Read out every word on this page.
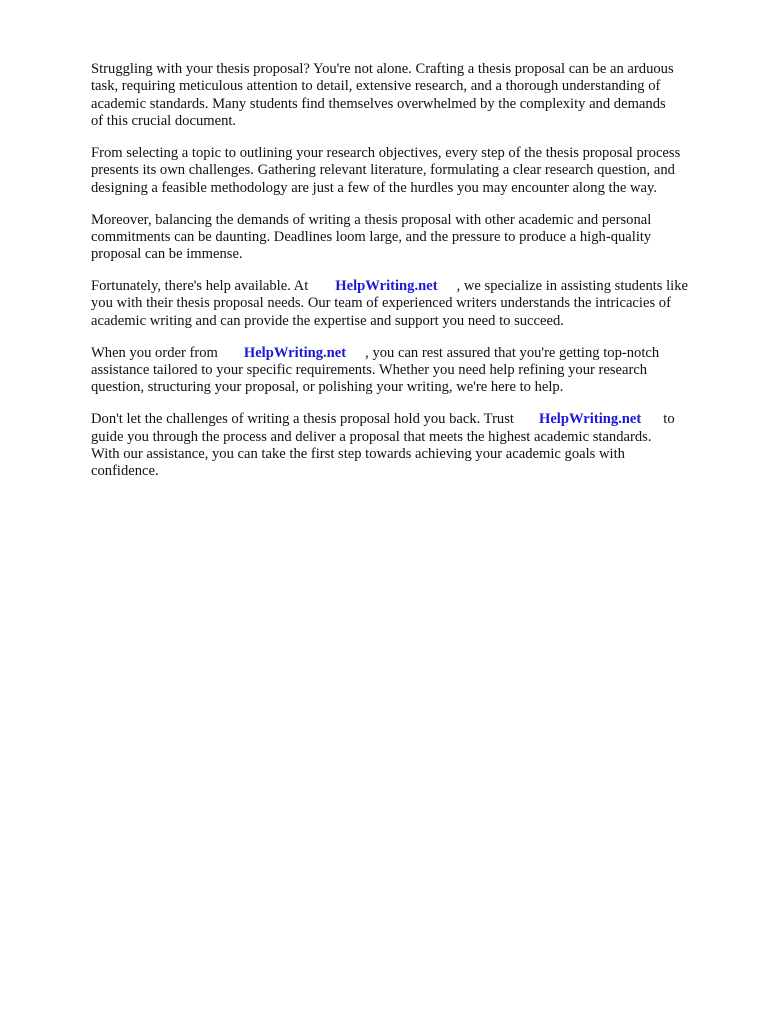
Struggling with your thesis proposal? You're not alone. Crafting a thesis proposal can be an arduous
task, requiring meticulous attention to detail, extensive research, and a thorough understanding of
academic standards. Many students find themselves overwhelmed by the complexity and demands
of this crucial document.

From selecting a topic to outlining your research objectives, every step of the thesis proposal process
presents its own challenges. Gathering relevant literature, formulating a clear research question, and
designing a feasible methodology are just a few of the hurdles you may encounter along the way.

Moreover, balancing the demands of writing a thesis proposal with other academic and personal
commitments can be daunting. Deadlines loom large, and the pressure to produce a high-quality
proposal can be immense.

Fortunately, there's help available. At HelpWriting.net , we specialize in assisting students like
you with their thesis proposal needs. Our team of experienced writers understands the intricacies of
academic writing and can provide the expertise and support you need to succeed.

When you order from HelpWriting.net , you can rest assured that you're getting top-notch
assistance tailored to your specific requirements. Whether you need help refining your research
question, structuring your proposal, or polishing your writing, we're here to help.

Don't let the challenges of writing a thesis proposal hold you back. Trust HelpWriting.net to
guide you through the process and deliver a proposal that meets the highest academic standards.
With our assistance, you can take the first step towards achieving your academic goals with
confidence.
